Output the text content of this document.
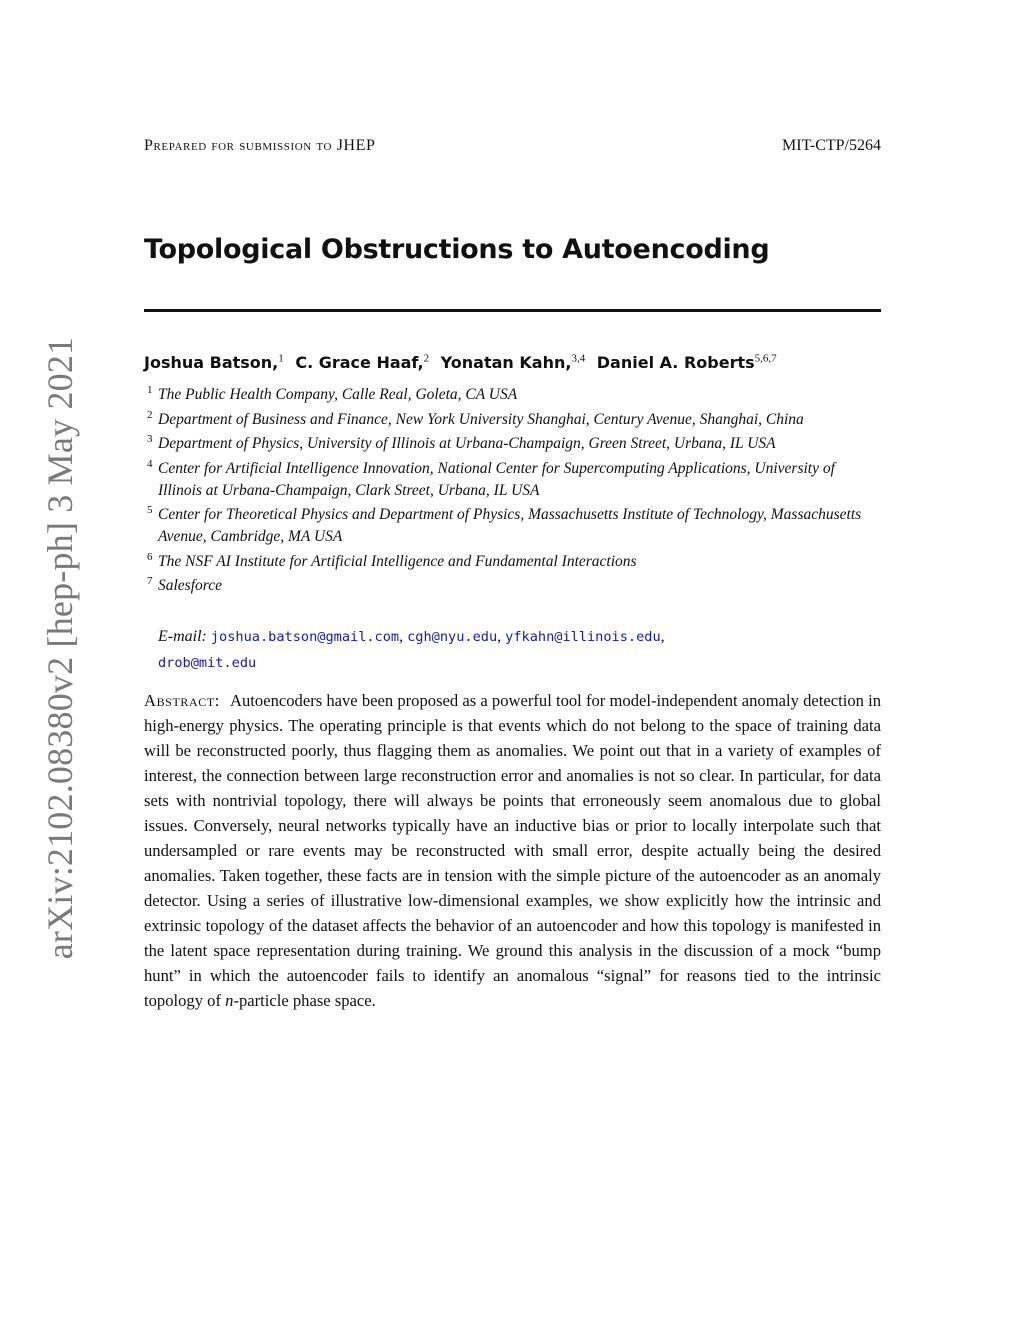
arXiv:2102.08380v2 [hep-ph] 3 May 2021
Prepared for submission to JHEP	MIT-CTP/5264
Topological Obstructions to Autoencoding
Joshua Batson,$^1$ C. Grace Haaf,$^2$ Yonatan Kahn,$^{3,4}$ Daniel A. Roberts$^{5,6,7}$
1 The Public Health Company, Calle Real, Goleta, CA USA
2 Department of Business and Finance, New York University Shanghai, Century Avenue, Shanghai, China
3 Department of Physics, University of Illinois at Urbana-Champaign, Green Street, Urbana, IL USA
4 Center for Artificial Intelligence Innovation, National Center for Supercomputing Applications, University of Illinois at Urbana-Champaign, Clark Street, Urbana, IL USA
5 Center for Theoretical Physics and Department of Physics, Massachusetts Institute of Technology, Massachusetts Avenue, Cambridge, MA USA
6 The NSF AI Institute for Artificial Intelligence and Fundamental Interactions
7 Salesforce
E-mail: joshua.batson@gmail.com, cgh@nyu.edu, yfkahn@illinois.edu,
drob@mit.edu

Abstract: Autoencoders have been proposed as a powerful tool for model-independent anomaly detection in high-energy physics. The operating principle is that events which do not belong to the space of training data will be reconstructed poorly, thus flagging them as anomalies. We point out that in a variety of examples of interest, the connection between large reconstruction error and anomalies is not so clear. In particular, for data sets with nontrivial topology, there will always be points that erroneously seem anomalous due to global issues. Conversely, neural networks typically have an inductive bias or prior to locally interpolate such that undersampled or rare events may be reconstructed with small error, despite actually being the desired anomalies. Taken together, these facts are in tension with the simple picture of the autoencoder as an anomaly detector. Using a series of illustrative low-dimensional examples, we show explicitly how the intrinsic and extrinsic topology of the dataset affects the behavior of an autoencoder and how this topology is manifested in the latent space representation during training. We ground this analysis in the discussion of a mock “bump hunt” in which the autoencoder fails to identify an anomalous “signal” for reasons tied to the intrinsic topology of n-particle phase space.
